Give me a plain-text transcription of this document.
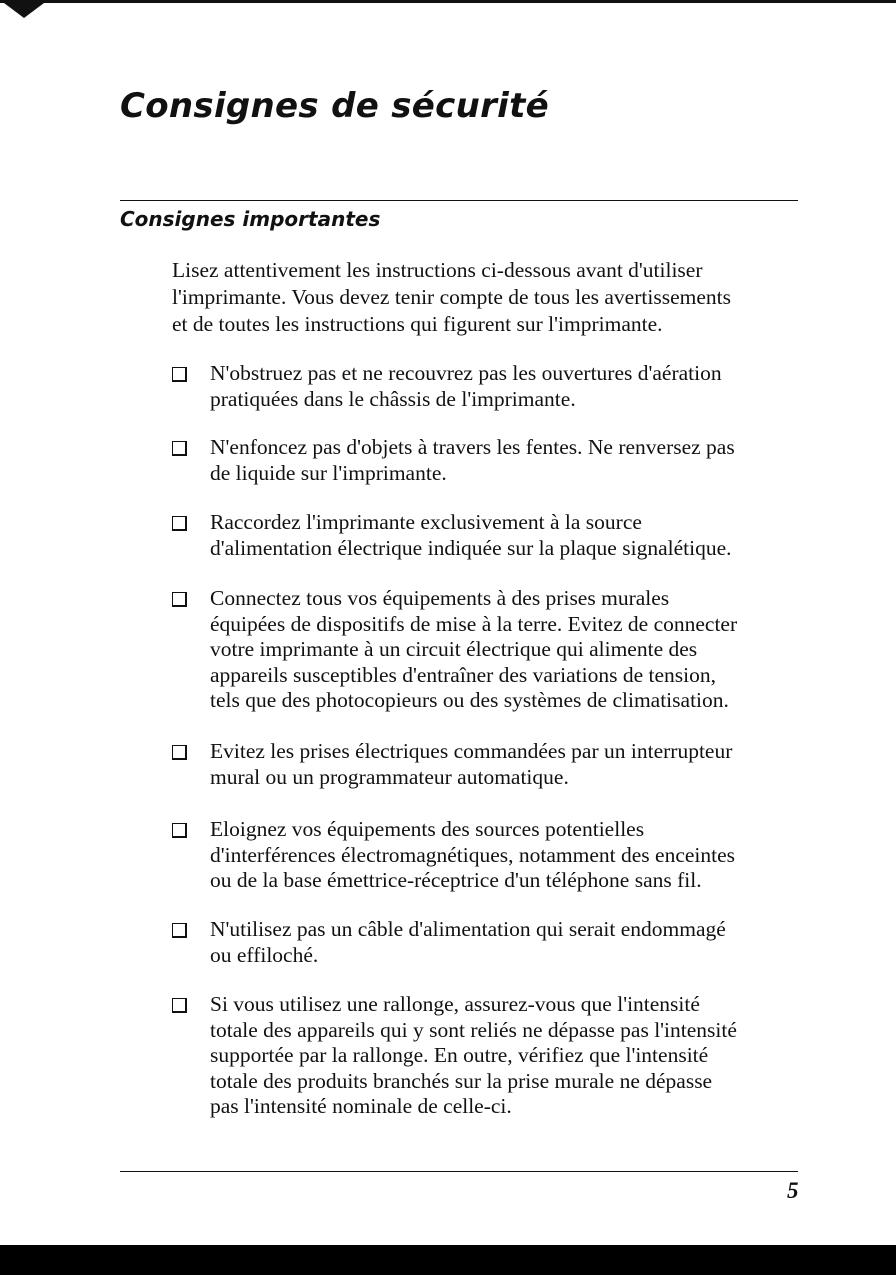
Consignes de sécurité
Consignes importantes

Lisez attentivement les instructions ci-dessous avant d'utiliser
l'imprimante. Vous devez tenir compte de tous les avertissements
et de toutes les instructions qui figurent sur l'imprimante.

N'obstruez pas et ne recouvrez pas les ouvertures d'aération
pratiquées dans le châssis de l'imprimante.
N'enfoncez pas d'objets à travers les fentes. Ne renversez pas
de liquide sur l'imprimante.
Raccordez l'imprimante exclusivement à la source
d'alimentation électrique indiquée sur la plaque signalétique.
Connectez tous vos équipements à des prises murales
équipées de dispositifs de mise à la terre. Evitez de connecter
votre imprimante à un circuit électrique qui alimente des
appareils susceptibles d'entraîner des variations de tension,
tels que des photocopieurs ou des systèmes de climatisation.
Evitez les prises électriques commandées par un interrupteur
mural ou un programmateur automatique.
Eloignez vos équipements des sources potentielles
d'interférences électromagnétiques, notamment des enceintes
ou de la base émettrice-réceptrice d'un téléphone sans fil.
N'utilisez pas un câble d'alimentation qui serait endommagé
ou effiloché.
Si vous utilisez une rallonge, assurez-vous que l'intensité
totale des appareils qui y sont reliés ne dépasse pas l'intensité
supportée par la rallonge. En outre, vérifiez que l'intensité
totale des produits branchés sur la prise murale ne dépasse
pas l'intensité nominale de celle-ci.
5
